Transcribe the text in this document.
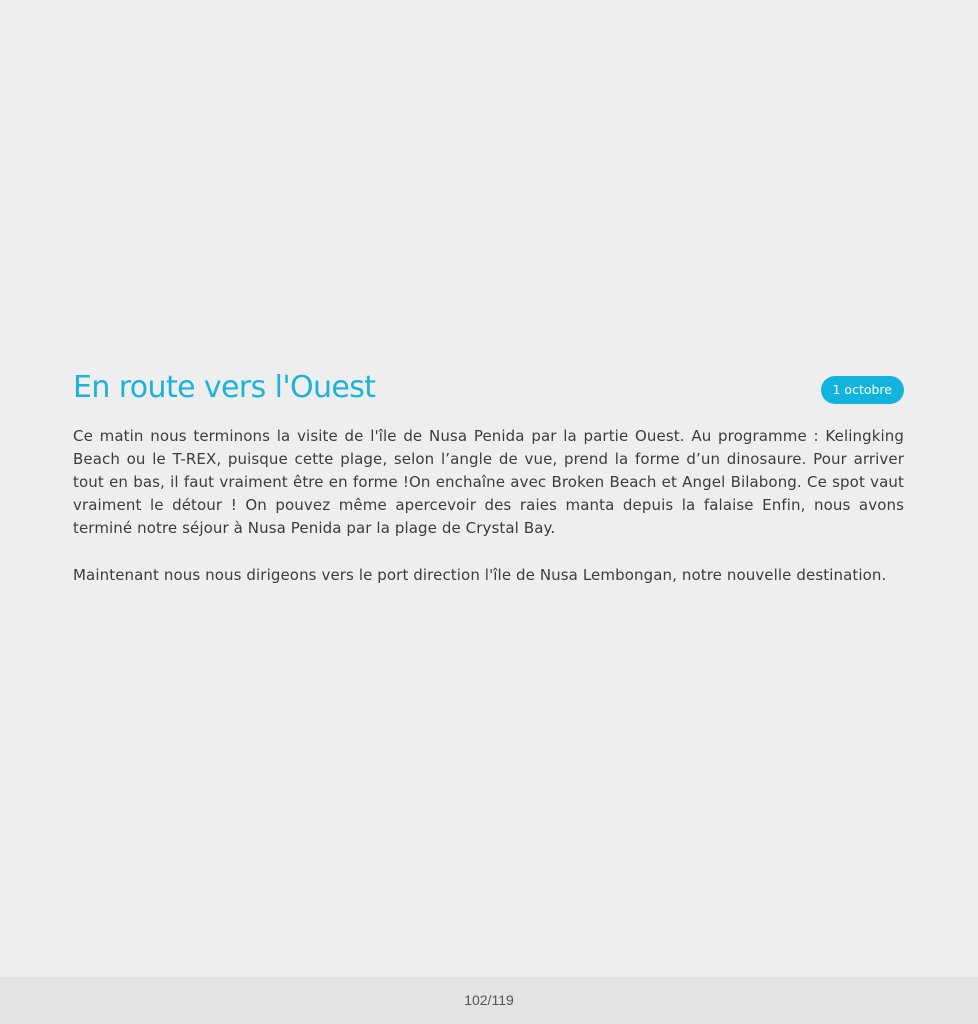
En route vers l'Ouest	1 octobre

Ce matin nous terminons la visite de l'île de Nusa Penida par la partie Ouest. Au programme : Kelingking Beach ou le T-REX, puisque cette plage, selon l’angle de vue, prend la forme d’un dinosaure. Pour arriver tout en bas, il faut vraiment être en forme !On enchaîne avec Broken Beach et Angel Bilabong. Ce spot vaut vraiment le détour ! On pouvez même apercevoir des raies manta depuis la falaise Enfin, nous avons terminé notre séjour à Nusa Penida par la plage de Crystal Bay.

Maintenant nous nous dirigeons vers le port direction l'île de Nusa Lembongan, notre nouvelle destination.

102/119
